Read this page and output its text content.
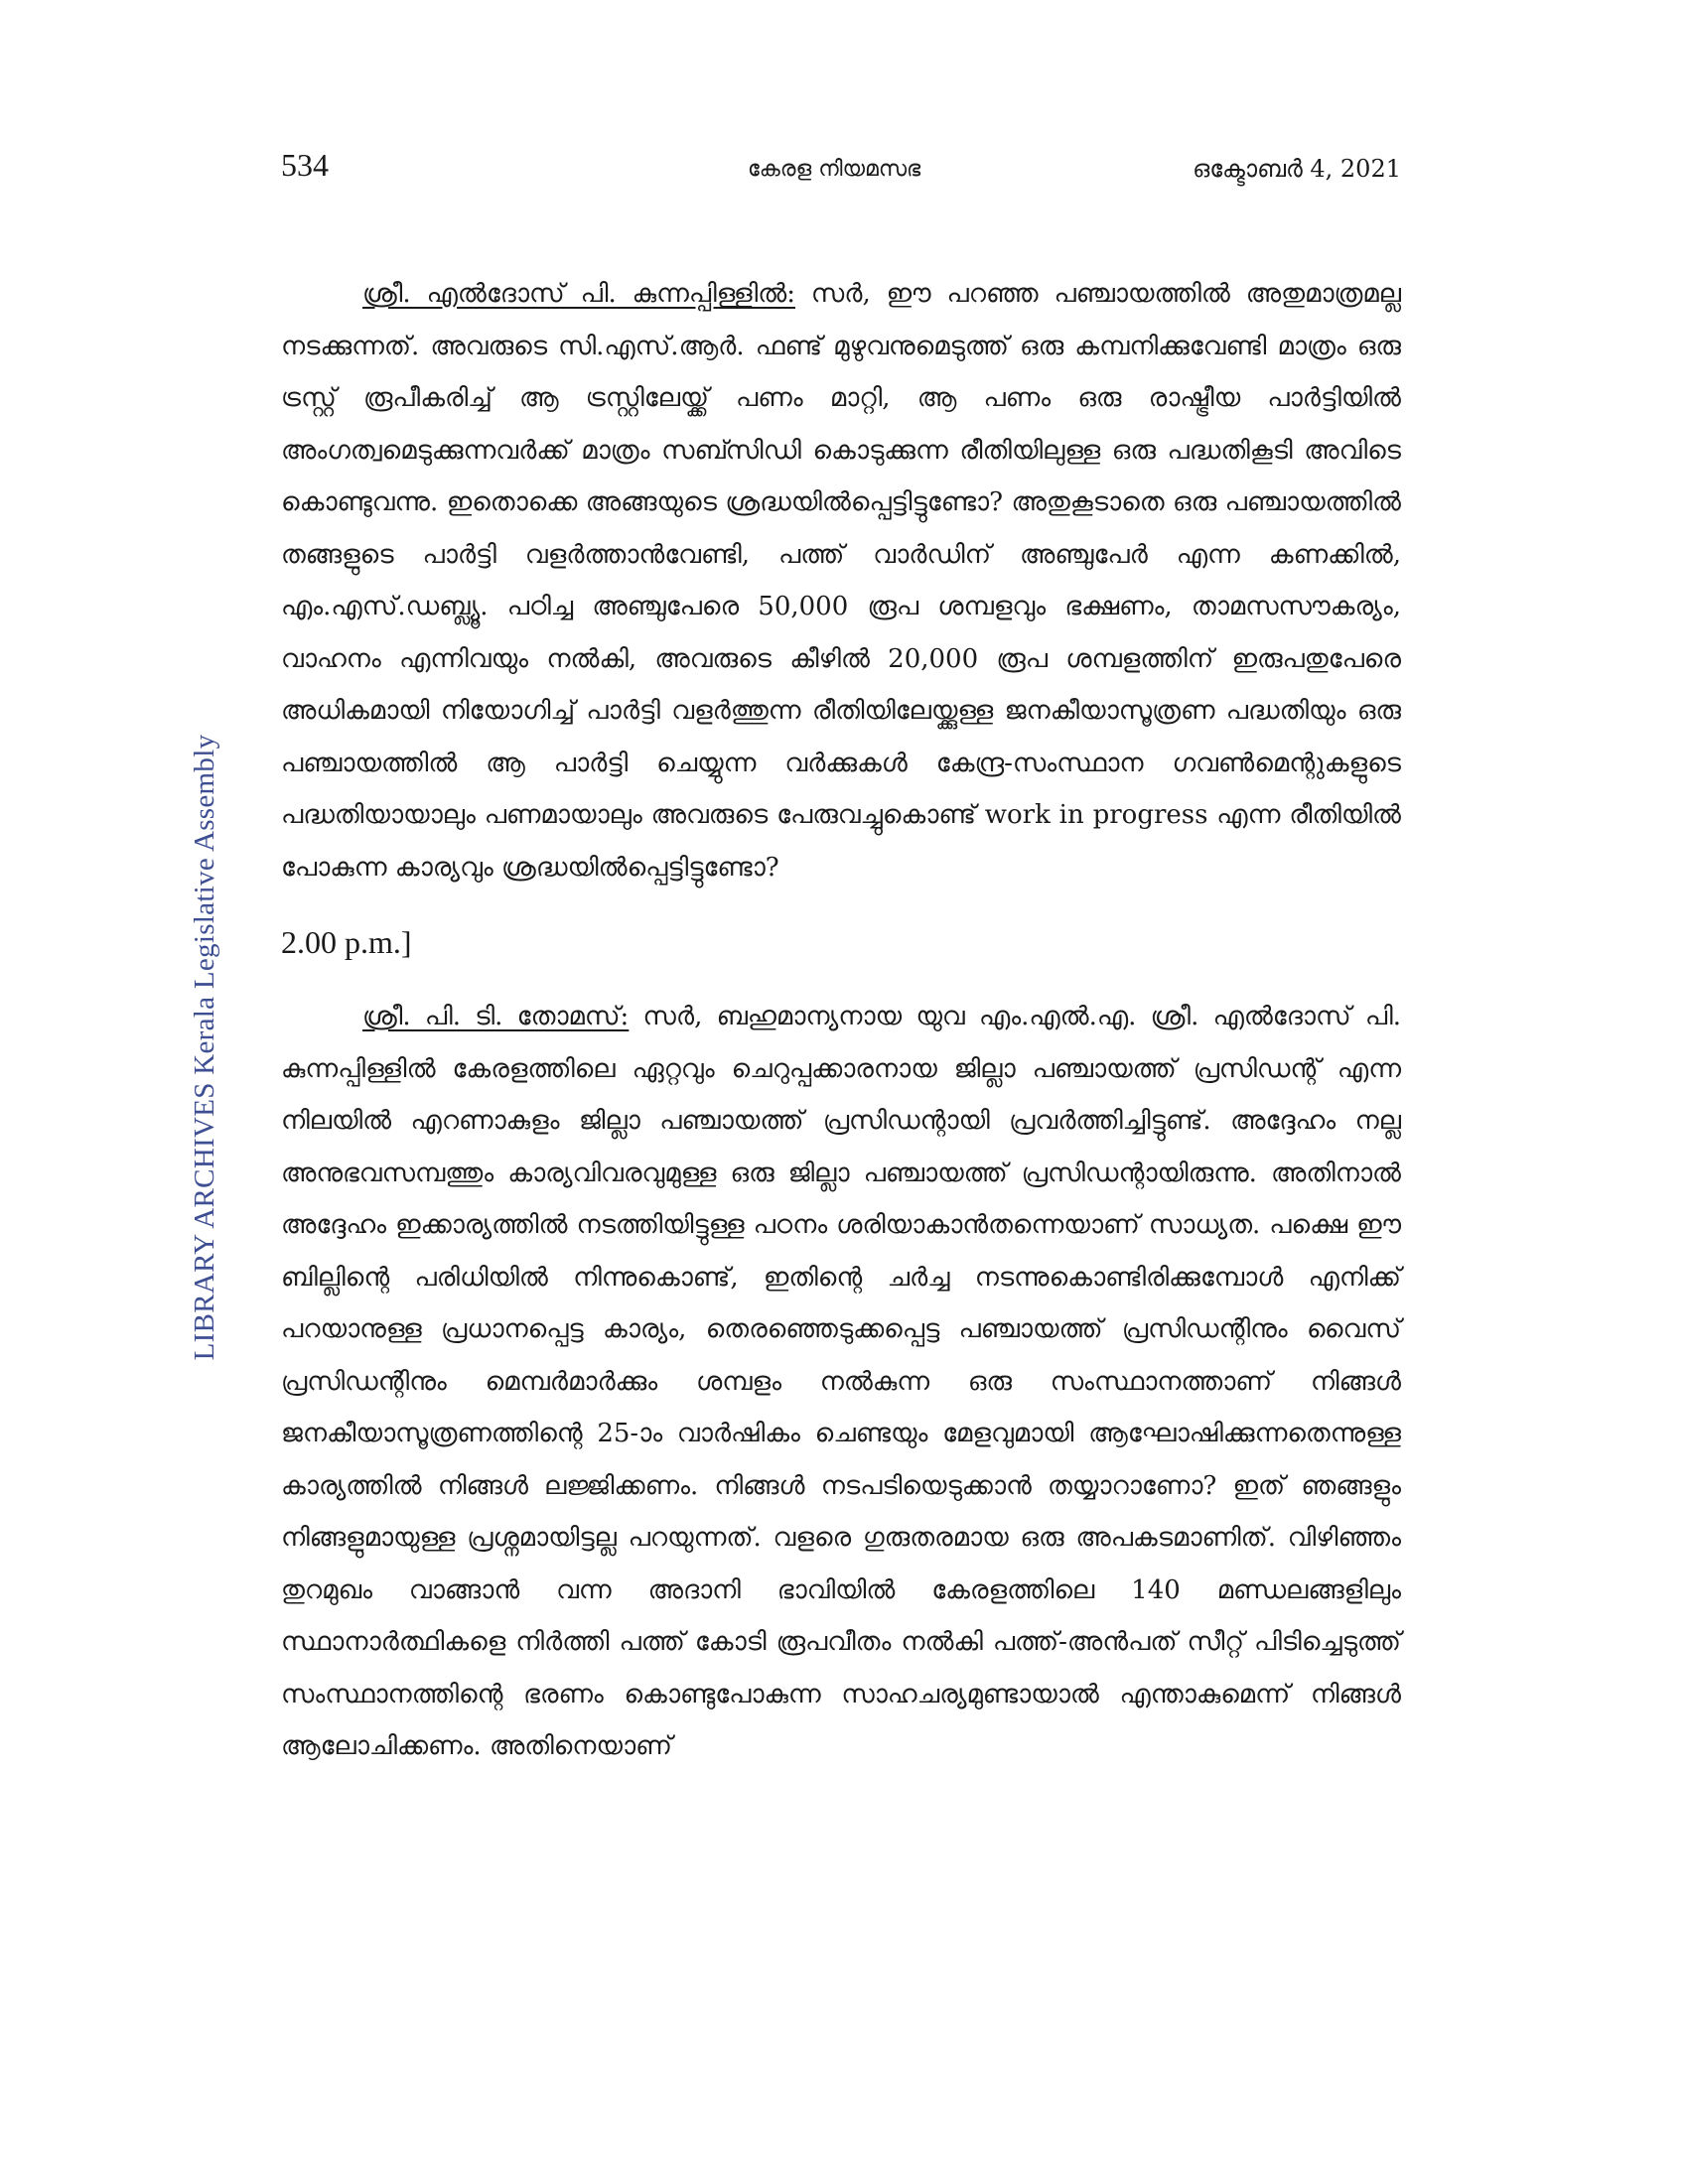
534	കേരള നിയമസഭ	ഒക്ടോബർ 4, 2021
LIBRARY ARCHIVES Kerala Legislative Assembly

ശ്രീ. എൽദോസ് പി. കുന്നപ്പിള്ളിൽ: സർ, ഈ പറഞ്ഞ പഞ്ചായത്തിൽ അതുമാത്രമല്ല നടക്കുന്നത്. അവരുടെ സി.എസ്.ആർ. ഫണ്ട് മുഴുവനുമെടുത്ത് ഒരു കമ്പനിക്കുവേണ്ടി മാത്രം ഒരു ട്രസ്റ്റ് രൂപീകരിച്ച് ആ ട്രസ്റ്റിലേയ്ക്ക് പണം മാറ്റി, ആ പണം ഒരു രാഷ്ട്രീയ പാർട്ടിയിൽ അംഗത്വമെടുക്കുന്നവർക്ക് മാത്രം സബ്സിഡി കൊടുക്കുന്ന രീതിയിലുള്ള ഒരു പദ്ധതികൂടി അവിടെ കൊണ്ടുവന്നു. ഇതൊക്കെ അങ്ങയുടെ ശ്രദ്ധയിൽപ്പെട്ടിട്ടുണ്ടോ? അതുകൂടാതെ ഒരു പഞ്ചായത്തിൽ തങ്ങളുടെ പാർട്ടി വളർത്താൻവേണ്ടി, പത്ത് വാർഡിന് അഞ്ചുപേർ എന്ന കണക്കിൽ, എം.എസ്.ഡബ്ല്യൂ. പഠിച്ച അഞ്ചുപേരെ 50,000 രൂപ ശമ്പളവും ഭക്ഷണം, താമസസൗകര്യം, വാഹനം എന്നിവയും നൽകി, അവരുടെ കീഴിൽ 20,000 രൂപ ശമ്പളത്തിന് ഇരുപതുപേരെ അധികമായി നിയോഗിച്ച് പാർട്ടി വളർത്തുന്ന രീതിയിലേയ്ക്കുള്ള ജനകീയാസൂത്രണ പദ്ധതിയും ഒരു പഞ്ചായത്തിൽ ആ പാർട്ടി ചെയ്യുന്ന വർക്കുകൾ കേന്ദ്ര-സംസ്ഥാന ഗവൺമെന്റുകളുടെ പദ്ധതിയായാലും പണമായാലും അവരുടെ പേരുവച്ചുകൊണ്ട് work in progress എന്ന രീതിയിൽ പോകുന്ന കാര്യവും ശ്രദ്ധയിൽപ്പെട്ടിട്ടുണ്ടോ?

2.00 p.m.]

ശ്രീ. പി. ടി. തോമസ്: സർ, ബഹുമാന്യനായ യുവ എം.എൽ.എ. ശ്രീ. എൽദോസ് പി. കുന്നപ്പിള്ളിൽ കേരളത്തിലെ ഏറ്റവും ചെറുപ്പക്കാരനായ ജില്ലാ പഞ്ചായത്ത് പ്രസിഡന്റ് എന്ന നിലയിൽ എറണാകുളം ജില്ലാ പഞ്ചായത്ത് പ്രസിഡന്റായി പ്രവർത്തിച്ചിട്ടുണ്ട്. അദ്ദേഹം നല്ല അനുഭവസമ്പത്തും കാര്യവിവരവുമുള്ള ഒരു ജില്ലാ പഞ്ചായത്ത് പ്രസിഡന്റായിരുന്നു. അതിനാൽ അദ്ദേഹം ഇക്കാര്യത്തിൽ നടത്തിയിട്ടുള്ള പഠനം ശരിയാകാൻതന്നെയാണ് സാധ്യത. പക്ഷെ ഈ ബില്ലിന്റെ പരിധിയിൽ നിന്നുകൊണ്ട്, ഇതിന്റെ ചർച്ച നടന്നുകൊണ്ടിരിക്കുമ്പോൾ എനിക്ക് പറയാനുള്ള പ്രധാനപ്പെട്ട കാര്യം, തെരഞ്ഞെടുക്കപ്പെട്ട പഞ്ചായത്ത് പ്രസിഡന്റിനും വൈസ് പ്രസിഡന്റിനും മെമ്പർമാർക്കും ശമ്പളം നൽകുന്ന ഒരു സംസ്ഥാനത്താണ് നിങ്ങൾ ജനകീയാസൂത്രണത്തിന്റെ 25-ാം വാർഷികം ചെണ്ടയും മേളവുമായി ആഘോഷിക്കുന്നതെന്നുള്ള കാര്യത്തിൽ നിങ്ങൾ ലജ്ജിക്കണം. നിങ്ങൾ നടപടിയെടുക്കാൻ തയ്യാറാണോ? ഇത് ഞങ്ങളും നിങ്ങളുമായുള്ള പ്രശ്നമായിട്ടല്ല പറയുന്നത്. വളരെ ഗുരുതരമായ ഒരു അപകടമാണിത്. വിഴിഞ്ഞം തുറമുഖം വാങ്ങാൻ വന്ന അദാനി ഭാവിയിൽ കേരളത്തിലെ 140 മണ്ഡലങ്ങളിലും സ്ഥാനാർത്ഥികളെ നിർത്തി പത്ത് കോടി രൂപവീതം നൽകി പത്ത്-അൻപത് സീറ്റ് പിടിച്ചെടുത്ത് സംസ്ഥാനത്തിന്റെ ഭരണം കൊണ്ടുപോകുന്ന സാഹചര്യമുണ്ടായാൽ എന്താകുമെന്ന് നിങ്ങൾ ആലോചിക്കണം. അതിനെയാണ്
